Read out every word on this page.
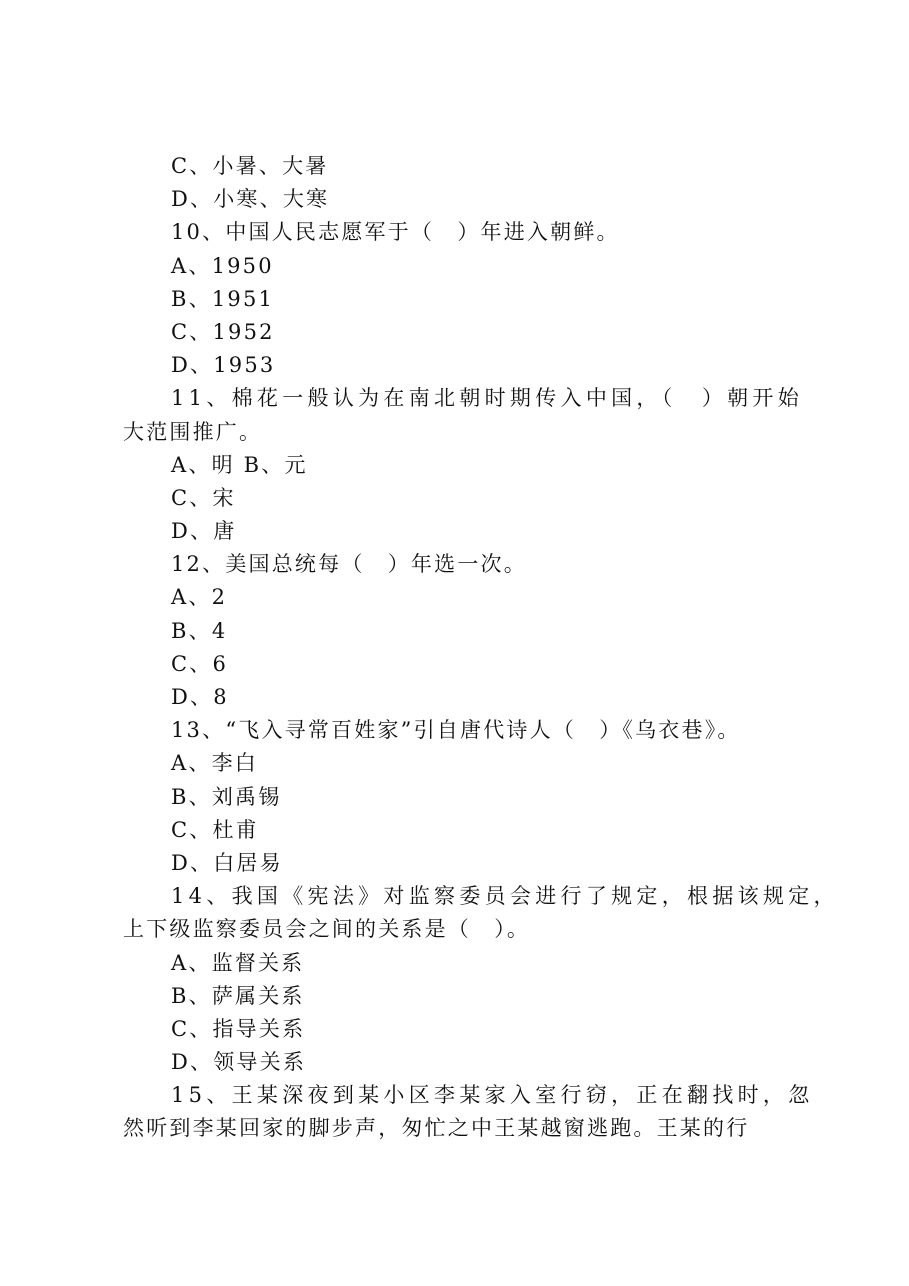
C、小暑、大暑
D、小寒、大寒
10、中国人民志愿军于（　）年进入朝鲜。
A、1950
B、1951
C、1952
D、1953
11、棉花一般认为在南北朝时期传入中国，（　）朝开始
大范围推广。
A、明 B、元
C、宋
D、唐
12、美国总统每（　）年选一次。
A、2
B、4
C、6
D、8
13、“飞入寻常百姓家”引自唐代诗人（　）《乌衣巷》。
A、李白
B、刘禹锡
C、杜甫
D、白居易
14、我国《宪法》对监察委员会进行了规定，根据该规定，
上下级监察委员会之间的关系是（　）。
A、监督关系
B、萨属关系
C、指导关系
D、领导关系
15、王某深夜到某小区李某家入室行窃，正在翻找时，忽
然听到李某回家的脚步声，匆忙之中王某越窗逃跑。王某的行
